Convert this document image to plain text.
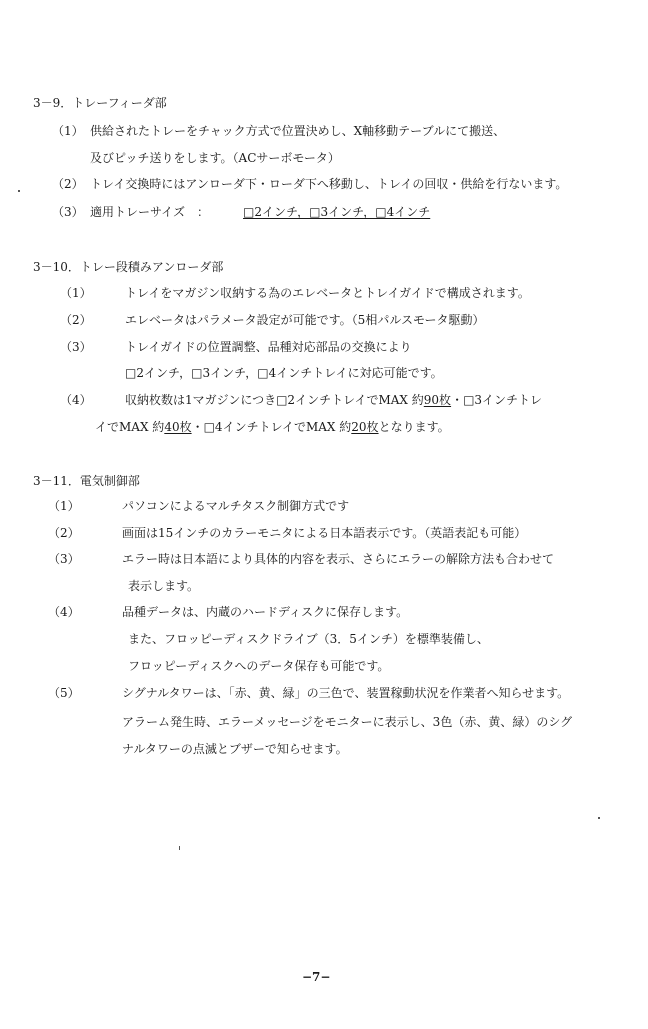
3－9．トレーフィーダ部
（1） 供給されたトレーをチャック方式で位置決めし、X軸移動テーブルにて搬送、
及びピッチ送りをします。（ACサーボモータ）
（2） トレイ交換時にはアンローダ下・ローダ下へ移動し、トレイの回収・供給を行ないます。
（3） 適用トレーサイズ　：	□2インチ，□3インチ，□4インチ
3－10．トレー段積みアンローダ部
（1）	トレイをマガジン収納する為のエレベータとトレイガイドで構成されます。
（2）	エレベータはパラメータ設定が可能です。（5相パルスモータ駆動）
（3）	トレイガイドの位置調整、品種対応部品の交換により
□2インチ，□3インチ，□4インチトレイに対応可能です。
（4）	収納枚数は1マガジンにつき□2インチトレイでMAX 約90枚・□3インチトレ
イでMAX 約40枚・□4インチトレイでMAX 約20枚となります。
3－11．電気制御部
（1）	パソコンによるマルチタスク制御方式です
（2）	画面は15インチのカラーモニタによる日本語表示です。（英語表記も可能）
（3）	エラー時は日本語により具体的内容を表示、さらにエラーの解除方法も合わせて
表示します。
（4）	品種データは、内蔵のハードディスクに保存します。
また、フロッピーディスクドライブ（3．5インチ）を標準装備し、
フロッピーディスクへのデータ保存も可能です。
（5）	シグナルタワーは、「赤、黄、緑」の三色で、装置稼動状況を作業者へ知らせます。
アラーム発生時、エラーメッセージをモニターに表示し、3色（赤、黄、緑）のシグ
ナルタワーの点滅とブザーで知らせます。
−7−
